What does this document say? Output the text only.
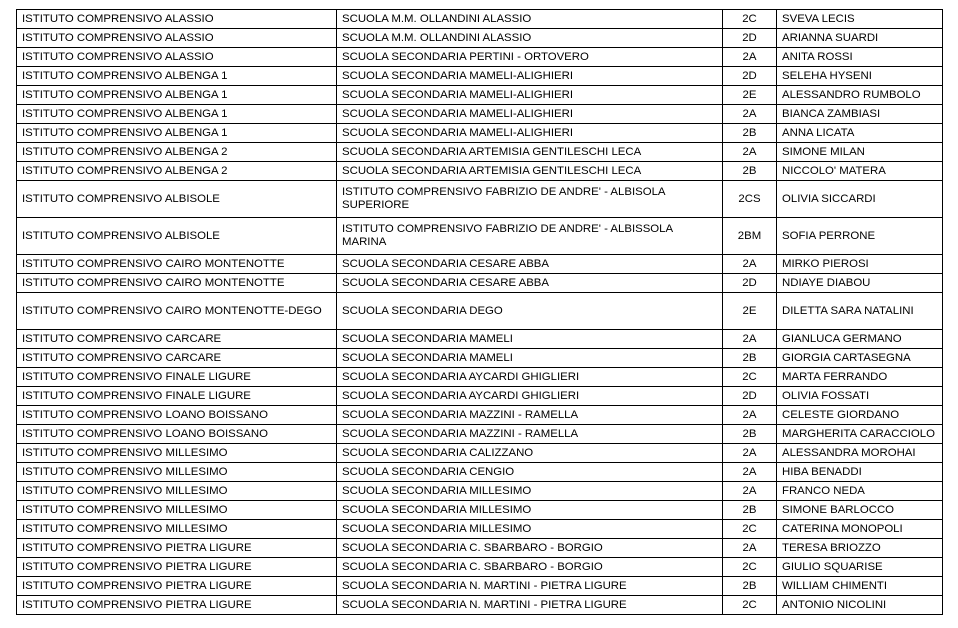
ISTITUTO COMPRENSIVO ALASSIO	SCUOLA M.M. OLLANDINI ALASSIO	2C	SVEVA LECIS
ISTITUTO COMPRENSIVO ALASSIO	SCUOLA M.M. OLLANDINI ALASSIO	2D	ARIANNA SUARDI
ISTITUTO COMPRENSIVO ALASSIO	SCUOLA SECONDARIA PERTINI - ORTOVERO	2A	ANITA ROSSI
ISTITUTO COMPRENSIVO ALBENGA 1	SCUOLA SECONDARIA MAMELI-ALIGHIERI	2D	SELEHA HYSENI
ISTITUTO COMPRENSIVO ALBENGA 1	SCUOLA SECONDARIA MAMELI-ALIGHIERI	2E	ALESSANDRO RUMBOLO
ISTITUTO COMPRENSIVO ALBENGA 1	SCUOLA SECONDARIA MAMELI-ALIGHIERI	2A	BIANCA ZAMBIASI
ISTITUTO COMPRENSIVO ALBENGA 1	SCUOLA SECONDARIA MAMELI-ALIGHIERI	2B	ANNA LICATA
ISTITUTO COMPRENSIVO ALBENGA 2	SCUOLA SECONDARIA ARTEMISIA GENTILESCHI LECA	2A	SIMONE MILAN
ISTITUTO COMPRENSIVO ALBENGA 2	SCUOLA SECONDARIA ARTEMISIA GENTILESCHI LECA	2B	NICCOLO' MATERA
ISTITUTO COMPRENSIVO ALBISOLE	ISTITUTO COMPRENSIVO FABRIZIO DE ANDRE' - ALBISOLA SUPERIORE	2CS	OLIVIA SICCARDI
ISTITUTO COMPRENSIVO ALBISOLE	ISTITUTO COMPRENSIVO FABRIZIO DE ANDRE' - ALBISSOLA MARINA	2BM	SOFIA PERRONE
ISTITUTO COMPRENSIVO CAIRO MONTENOTTE	SCUOLA SECONDARIA CESARE ABBA	2A	MIRKO PIEROSI
ISTITUTO COMPRENSIVO CAIRO MONTENOTTE	SCUOLA SECONDARIA CESARE ABBA	2D	NDIAYE DIABOU
ISTITUTO COMPRENSIVO CAIRO MONTENOTTE-DEGO	SCUOLA SECONDARIA DEGO	2E	DILETTA SARA NATALINI
ISTITUTO COMPRENSIVO CARCARE	SCUOLA SECONDARIA MAMELI	2A	GIANLUCA GERMANO
ISTITUTO COMPRENSIVO CARCARE	SCUOLA SECONDARIA MAMELI	2B	GIORGIA CARTASEGNA
ISTITUTO COMPRENSIVO FINALE LIGURE	SCUOLA SECONDARIA AYCARDI GHIGLIERI	2C	MARTA FERRANDO
ISTITUTO COMPRENSIVO FINALE LIGURE	SCUOLA SECONDARIA AYCARDI GHIGLIERI	2D	OLIVIA FOSSATI
ISTITUTO COMPRENSIVO LOANO BOISSANO	SCUOLA SECONDARIA MAZZINI - RAMELLA	2A	CELESTE GIORDANO
ISTITUTO COMPRENSIVO LOANO BOISSANO	SCUOLA SECONDARIA MAZZINI - RAMELLA	2B	MARGHERITA CARACCIOLO
ISTITUTO COMPRENSIVO MILLESIMO	SCUOLA SECONDARIA CALIZZANO	2A	ALESSANDRA MOROHAI
ISTITUTO COMPRENSIVO MILLESIMO	SCUOLA SECONDARIA CENGIO	2A	HIBA BENADDI
ISTITUTO COMPRENSIVO MILLESIMO	SCUOLA SECONDARIA MILLESIMO	2A	FRANCO NEDA
ISTITUTO COMPRENSIVO MILLESIMO	SCUOLA SECONDARIA MILLESIMO	2B	SIMONE BARLOCCO
ISTITUTO COMPRENSIVO MILLESIMO	SCUOLA SECONDARIA MILLESIMO	2C	CATERINA MONOPOLI
ISTITUTO COMPRENSIVO PIETRA LIGURE	SCUOLA SECONDARIA C. SBARBARO - BORGIO	2A	TERESA BRIOZZO
ISTITUTO COMPRENSIVO PIETRA LIGURE	SCUOLA SECONDARIA C. SBARBARO - BORGIO	2C	GIULIO SQUARISE
ISTITUTO COMPRENSIVO PIETRA LIGURE	SCUOLA SECONDARIA N. MARTINI - PIETRA LIGURE	2B	WILLIAM CHIMENTI
ISTITUTO COMPRENSIVO PIETRA LIGURE	SCUOLA SECONDARIA N. MARTINI - PIETRA LIGURE	2C	ANTONIO NICOLINI
